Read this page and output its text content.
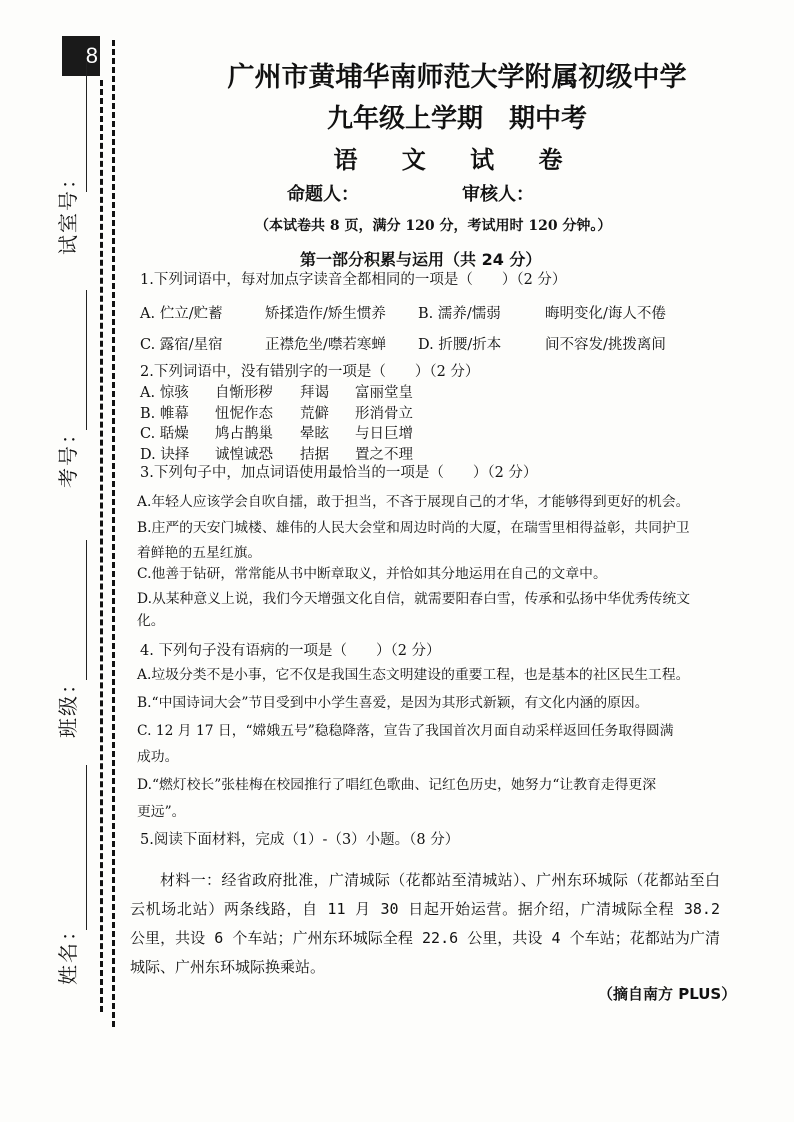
8
试室号：
考号：
班级：
姓名：
广州市黄埔华南师范大学附属初级中学
九年级上学期　期中考
语 文 试 卷
命题人：	审核人：
（本试卷共 8 页，满分 120 分，考试用时 120 分钟。）
第一部分积累与运用（共 24 分）
1.下列词语中，每对加点字读音全都相同的一项是（　　）（2 分）
A. 伫立/贮蓄	矫揉造作/矫生惯养 B. 濡养/懦弱	晦明变化/诲人不倦
C. 露宿/星宿	正襟危坐/噤若寒蝉 D. 折腰/折本	间不容发/挑拨离间
2.下列词语中，没有错别字的一项是（　　）（2 分）
A. 惊骇 自惭形秽 拜谒 富丽堂皇
B. 帷幕 忸怩作态 荒僻 形消骨立
C. 聒燥 鸠占鹊巢 晕眩 与日巨增
D. 诀择 诚惶诚恐 拮据 置之不理
3.下列句子中，加点词语使用最恰当的一项是（　　）（2 分）
A.年轻人应该学会自吹自擂，敢于担当，不吝于展现自己的才华，才能够得到更好的机会。
B.庄严的天安门城楼、雄伟的人民大会堂和周边时尚的大厦，在瑞雪里相得益彰，共同护卫
着鲜艳的五星红旗。
C.他善于钻研，常常能从书中断章取义，并恰如其分地运用在自己的文章中。
D.从某种意义上说，我们今天增强文化自信，就需要阳春白雪，传承和弘扬中华优秀传统文化。
4. 下列句子没有语病的一项是（　　）（2 分）
A.垃圾分类不是小事，它不仅是我国生态文明建设的重要工程，也是基本的社区民生工程。
B.“中国诗词大会”节目受到中小学生喜爱，是因为其形式新颖，有文化内涵的原因。
C. 12 月 17 日，“嫦娥五号”稳稳降落，宣告了我国首次月面自动采样返回任务取得圆满
成功。
D.“燃灯校长”张桂梅在校园推行了唱红色歌曲、记红色历史，她努力“让教育走得更深
更远”。
5.阅读下面材料，完成（1）-（3）小题。（8 分）
材料一：经省政府批准，广清城际（花都站至清城站）、广州东环城际（花都站至白云机场北站）两条线路，自 11 月 30 日起开始运营。据介绍，广清城际全程 38.2 公里，共设 6 个车站；广州东环城际全程 22.6 公里，共设 4 个车站；花都站为广清城际、广州东环城际换乘站。
（摘自南方 PLUS）
